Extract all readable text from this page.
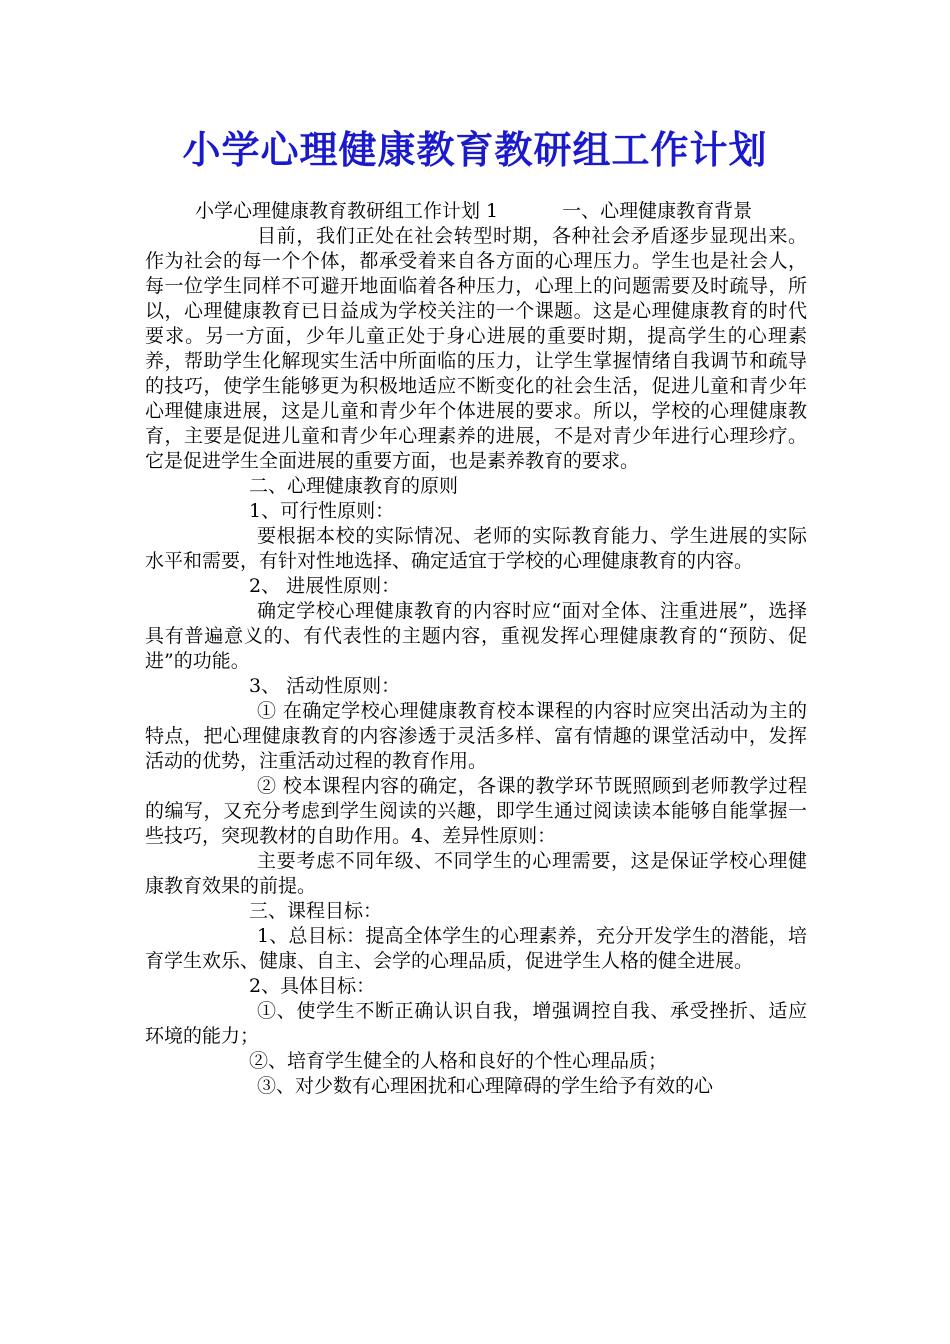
小学心理健康教育教研组工作计划

小学心理健康教育教研组工作计划 1	一、心理健康教育背景

目前，我们正处在社会转型时期，各种社会矛盾逐步显现出来。作为社会的每一个个体，都承受着来自各方面的心理压力。学生也是社会人，每一位学生同样不可避开地面临着各种压力，心理上的问题需要及时疏导，所以，心理健康教育已日益成为学校关注的一个课题。这是心理健康教育的时代要求。另一方面，少年儿童正处于身心进展的重要时期，提高学生的心理素养，帮助学生化解现实生活中所面临的压力，让学生掌握情绪自我调节和疏导的技巧，使学生能够更为积极地适应不断变化的社会生活，促进儿童和青少年心理健康进展，这是儿童和青少年个体进展的要求。所以，学校的心理健康教育，主要是促进儿童和青少年心理素养的进展，不是对青少年进行心理珍疗。它是促进学生全面进展的重要方面，也是素养教育的要求。

二、心理健康教育的原则

1、可行性原则：

要根据本校的实际情况、老师的实际教育能力、学生进展的实际水平和需要，有针对性地选择、确定适宜于学校的心理健康教育的内容。

2、 进展性原则：

确定学校心理健康教育的内容时应“面对全体、注重进展”，选择具有普遍意义的、有代表性的主题内容，重视发挥心理健康教育的“预防、促进”的功能。

3、 活动性原则：

① 在确定学校心理健康教育校本课程的内容时应突出活动为主的特点，把心理健康教育的内容渗透于灵活多样、富有情趣的课堂活动中，发挥活动的优势，注重活动过程的教育作用。

② 校本课程内容的确定，各课的教学环节既照顾到老师教学过程的编写，又充分考虑到学生阅读的兴趣，即学生通过阅读读本能够自能掌握一些技巧，突现教材的自助作用。4、差异性原则：

主要考虑不同年级、不同学生的心理需要，这是保证学校心理健康教育效果的前提。

三、课程目标：

1、总目标：提高全体学生的心理素养，充分开发学生的潜能，培育学生欢乐、健康、自主、会学的心理品质，促进学生人格的健全进展。

2、具体目标：

①、使学生不断正确认识自我，增强调控自我、承受挫折、适应环境的能力；

②、培育学生健全的人格和良好的个性心理品质；

③、对少数有心理困扰和心理障碍的学生给予有效的心
